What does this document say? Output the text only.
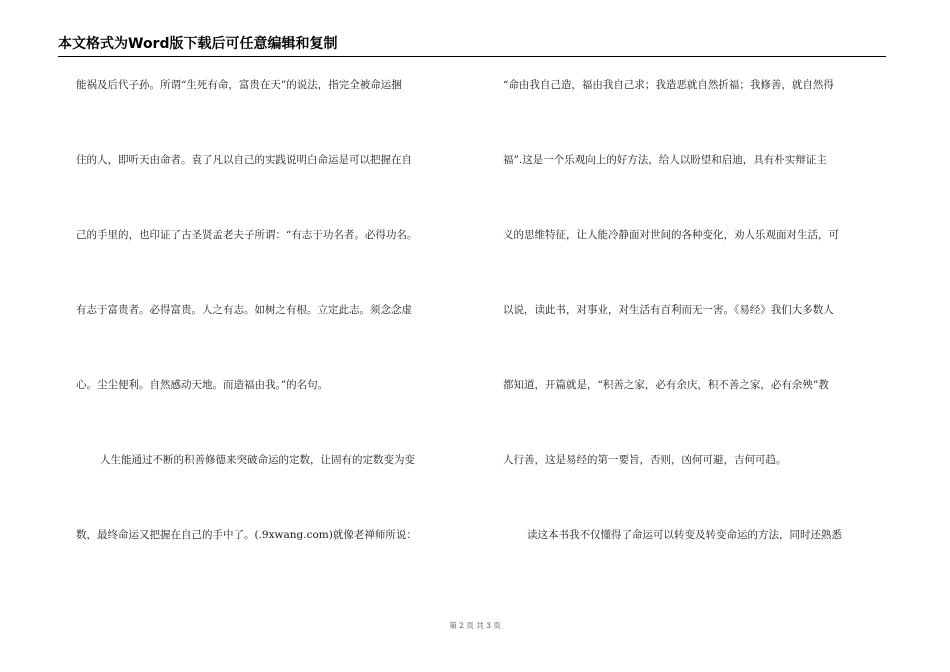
本文格式为Word版下载后可任意编辑和复制
能祸及后代子孙。所谓“生死有命，富贵在天”的说法，指完全被命运捆
住的人，即听天由命者。袁了凡以自己的实践说明白命运是可以把握在自
己的手里的，也印证了古圣贤孟老夫子所谓：“有志于功名者。必得功名。
有志于富贵者。必得富贵。人之有志。如树之有根。立定此志。须念念虚
心。尘尘便利。自然感动天地。而造福由我。”的名句。
人生能通过不断的积善修德来突破命运的定数，让固有的定数变为变
数，最终命运又把握在自己的手中了。(.9xwang.com)就像老禅师所说：
“命由我自己造，福由我自己求；我造恶就自然折福；我修善，就自然得
福”.这是一个乐观向上的好方法，给人以盼望和启迪，具有朴实辩证主
义的思维特征，让人能冷静面对世间的各种变化，劝人乐观面对生活，可
以说，读此书，对事业，对生活有百利而无一害。《易经》我们大多数人
都知道，开篇就是，“积善之家，必有余庆，积不善之家，必有余殃”教
人行善，这是易经的第一要旨，否则，凶何可避，吉何可趋。
读这本书我不仅懂得了命运可以转变及转变命运的方法，同时还熟悉
第 2 页 共 3 页
